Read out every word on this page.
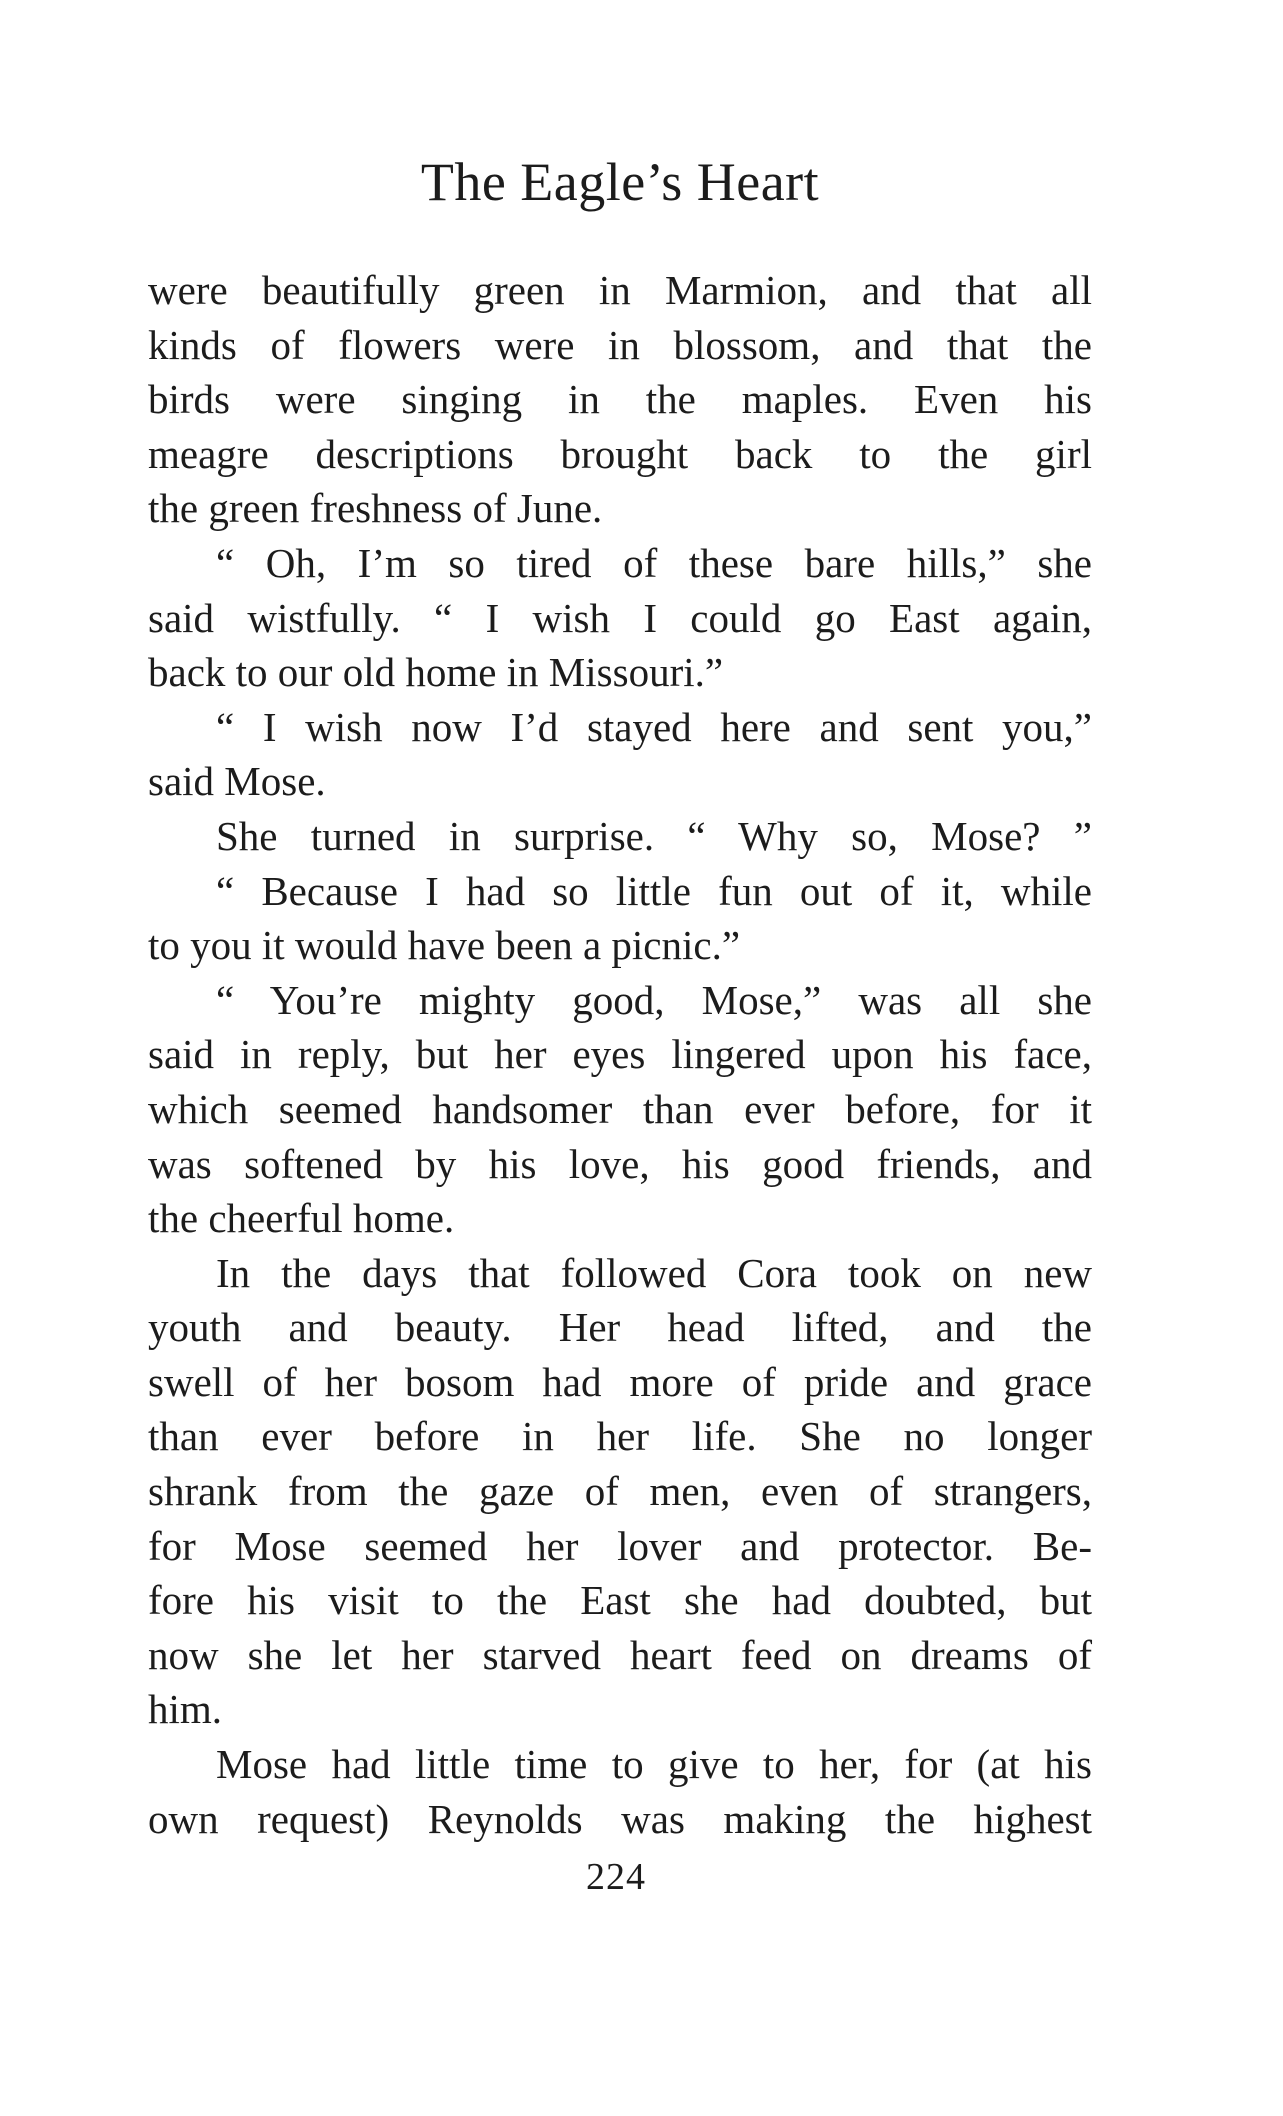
The Eagle’s Heart
were beautifully green in Marmion, and that all
kinds of flowers were in blossom, and that the
birds were singing in the maples. Even his
meagre descriptions brought back to the girl
the green freshness of June.
“ Oh, I’m so tired of these bare hills,” she
said wistfully. “ I wish I could go East again,
back to our old home in Missouri.”
“ I wish now I’d stayed here and sent you,”
said Mose.
She turned in surprise. “ Why so, Mose? ”
“ Because I had so little fun out of it, while
to you it would have been a picnic.”
“ You’re mighty good, Mose,” was all she
said in reply, but her eyes lingered upon his face,
which seemed handsomer than ever before, for it
was softened by his love, his good friends, and
the cheerful home.
In the days that followed Cora took on new
youth and beauty. Her head lifted, and the
swell of her bosom had more of pride and grace
than ever before in her life. She no longer
shrank from the gaze of men, even of strangers,
for Mose seemed her lover and protector. Be-
fore his visit to the East she had doubted, but
now she let her starved heart feed on dreams of
him.
Mose had little time to give to her, for (at his
own request) Reynolds was making the highest
224
